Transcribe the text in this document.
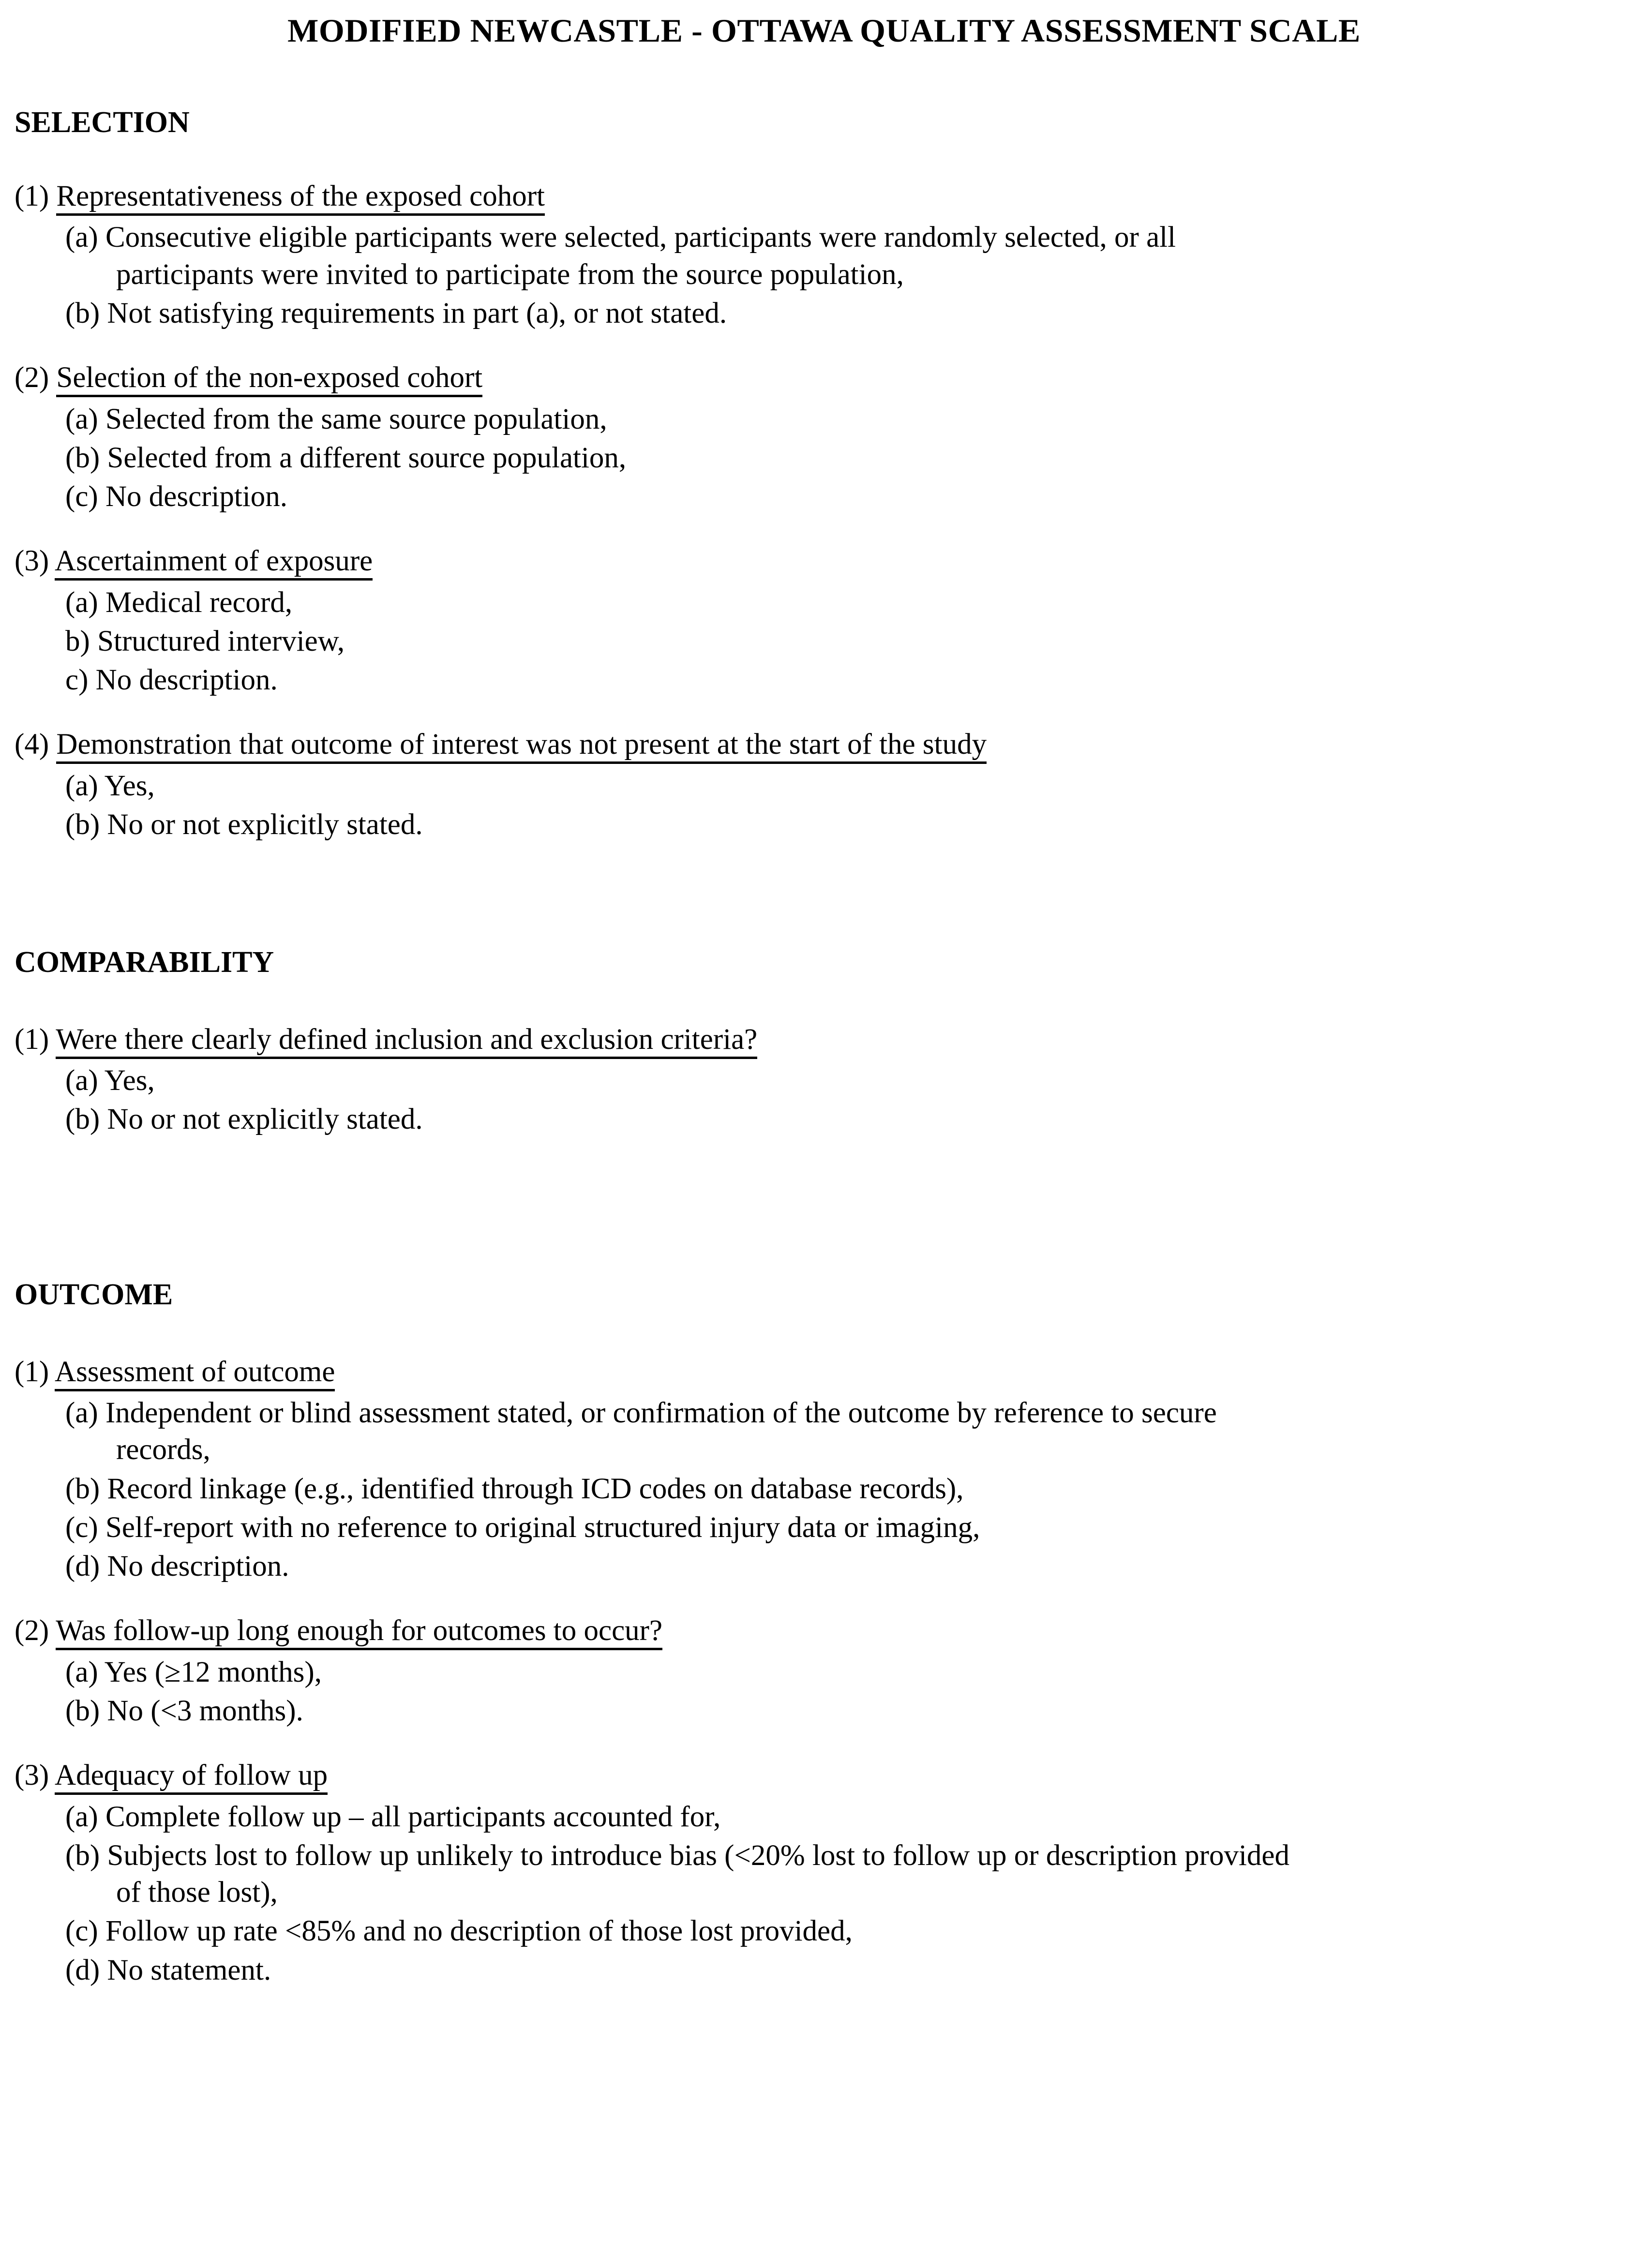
MODIFIED NEWCASTLE - OTTAWA QUALITY ASSESSMENT SCALE
SELECTION
(1) Representativeness of the exposed cohort
(a) Consecutive eligible participants were selected, participants were randomly selected, or all
participants were invited to participate from the source population,
(b) Not satisfying requirements in part (a), or not stated.
(2) Selection of the non-exposed cohort
(a) Selected from the same source population,
(b) Selected from a different source population,
(c) No description.
(3) Ascertainment of exposure
(a) Medical record,
b) Structured interview,
c) No description.
(4) Demonstration that outcome of interest was not present at the start of the study
(a) Yes,
(b) No or not explicitly stated.
COMPARABILITY
(1) Were there clearly defined inclusion and exclusion criteria?
(a) Yes,
(b) No or not explicitly stated.
OUTCOME
(1) Assessment of outcome
(a) Independent or blind assessment stated, or confirmation of the outcome by reference to secure
records,
(b) Record linkage (e.g., identified through ICD codes on database records),
(c) Self-report with no reference to original structured injury data or imaging,
(d) No description.
(2) Was follow-up long enough for outcomes to occur?
(a) Yes (≥12 months),
(b) No (<3 months).
(3) Adequacy of follow up
(a) Complete follow up – all participants accounted for,
(b) Subjects lost to follow up unlikely to introduce bias (<20% lost to follow up or description provided
of those lost),
(c) Follow up rate <85% and no description of those lost provided,
(d) No statement.
